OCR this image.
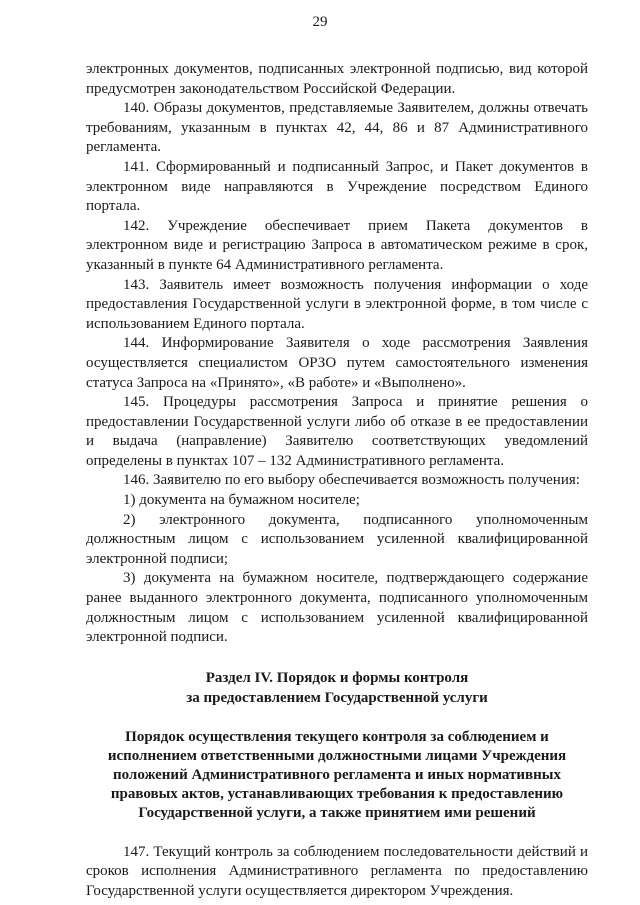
29

электронных документов, подписанных электронной подписью, вид которой предусмотрен законодательством Российской Федерации.

140. Образы документов, представляемые Заявителем, должны отвечать требованиям, указанным в пунктах 42, 44, 86 и 87 Административного регламента.

141. Сформированный и подписанный Запрос, и Пакет документов в электронном виде направляются в Учреждение посредством Единого портала.

142. Учреждение обеспечивает прием Пакета документов в электронном виде и регистрацию Запроса в автоматическом режиме в срок, указанный в пункте 64 Административного регламента.

143. Заявитель имеет возможность получения информации о ходе предоставления Государственной услуги в электронной форме, в том числе с использованием Единого портала.

144. Информирование Заявителя о ходе рассмотрения Заявления осуществляется специалистом ОРЗО путем самостоятельного изменения статуса Запроса на «Принято», «В работе» и «Выполнено».

145. Процедуры рассмотрения Запроса и принятие решения о предоставлении Государственной услуги либо об отказе в ее предоставлении и выдача (направление) Заявителю соответствующих уведомлений определены в пунктах 107 – 132 Административного регламента.

146. Заявителю по его выбору обеспечивается возможность получения:

1) документа на бумажном носителе;

2) электронного документа, подписанного уполномоченным должностным лицом с использованием усиленной квалифицированной электронной подписи;

3) документа на бумажном носителе, подтверждающего содержание ранее выданного электронного документа, подписанного уполномоченным должностным лицом с использованием усиленной квалифицированной электронной подписи.

Раздел IV. Порядок и формы контроля

за предоставлением Государственной услуги

Порядок осуществления текущего контроля за соблюдением и

исполнением ответственными должностными лицами Учреждения

положений Административного регламента и иных нормативных

правовых актов, устанавливающих требования к предоставлению

Государственной услуги, а также принятием ими решений

147. Текущий контроль за соблюдением последовательности действий и сроков исполнения Административного регламента по предоставлению Государственной услуги осуществляется директором Учреждения.
